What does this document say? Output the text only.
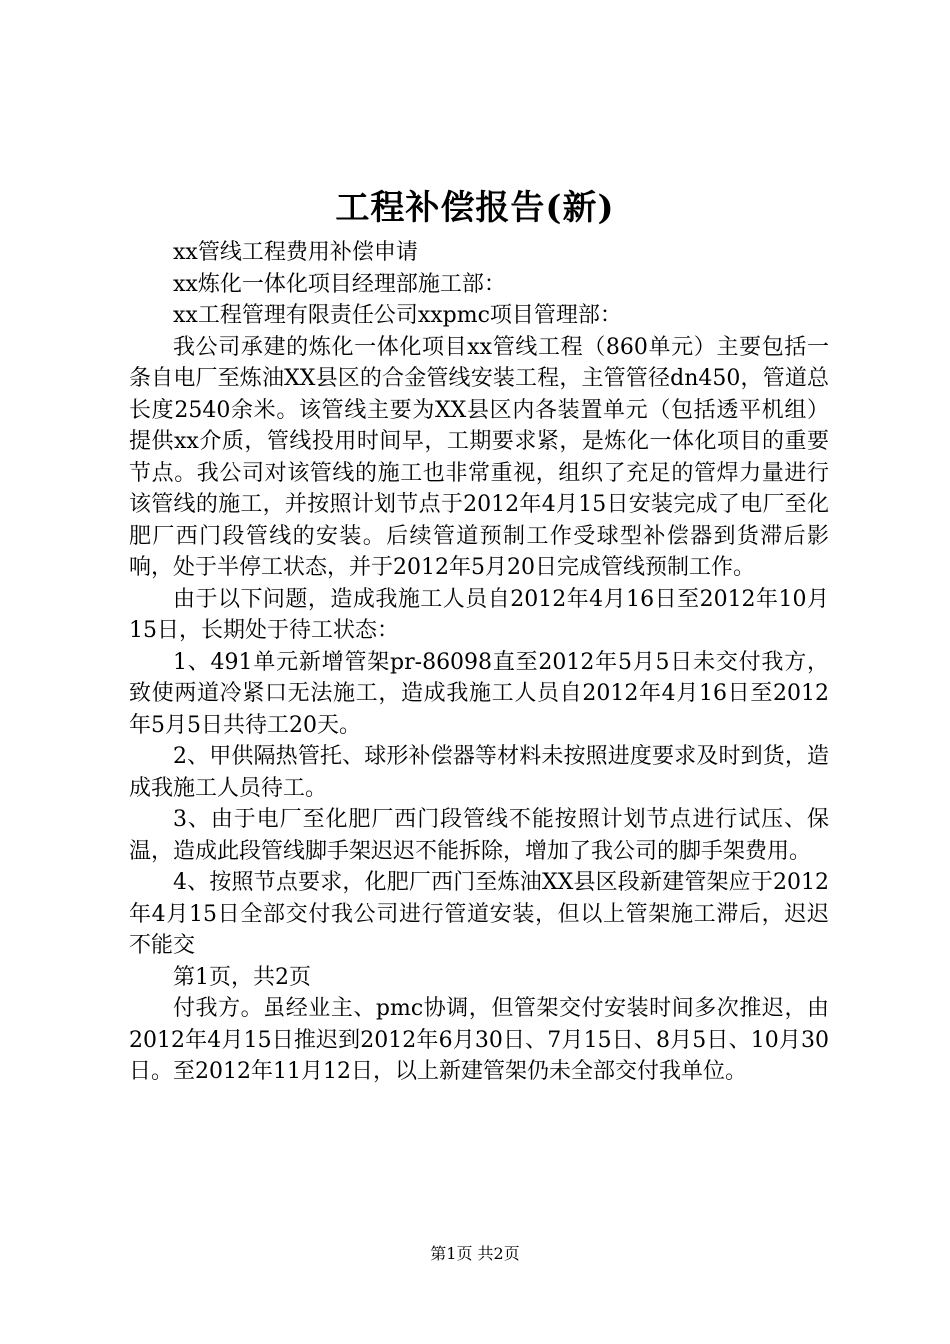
工程补偿报告(新)

xx管线工程费用补偿申请

xx炼化一体化项目经理部施工部：

xx工程管理有限责任公司xxpmc项目管理部：

我公司承建的炼化一体化项目xx管线工程（860单元）主要包括一条自电厂至炼油XX县区的合金管线安装工程，主管管径dn450，管道总长度2540余米。该管线主要为XX县区内各装置单元（包括透平机组）提供xx介质，管线投用时间早，工期要求紧，是炼化一体化项目的重要节点。我公司对该管线的施工也非常重视，组织了充足的管焊力量进行该管线的施工，并按照计划节点于2012年4月15日安装完成了电厂至化肥厂西门段管线的安装。后续管道预制工作受球型补偿器到货滞后影响，处于半停工状态，并于2012年5月20日完成管线预制工作。

由于以下问题，造成我施工人员自2012年4月16日至2012年10月15日，长期处于待工状态：

1、491单元新增管架pr-86098直至2012年5月5日未交付我方，致使两道冷紧口无法施工，造成我施工人员自2012年4月16日至2012年5月5日共待工20天。

2、甲供隔热管托、球形补偿器等材料未按照进度要求及时到货，造成我施工人员待工。

3、由于电厂至化肥厂西门段管线不能按照计划节点进行试压、保温，造成此段管线脚手架迟迟不能拆除，增加了我公司的脚手架费用。

4、按照节点要求，化肥厂西门至炼油XX县区段新建管架应于2012年4月15日全部交付我公司进行管道安装，但以上管架施工滞后，迟迟不能交

第1页，共2页

付我方。虽经业主、pmc协调，但管架交付安装时间多次推迟，由2012年4月15日推迟到2012年6月30日、7月15日、8月5日、10月30日。至2012年11月12日，以上新建管架仍未全部交付我单位。

第1页 共2页
